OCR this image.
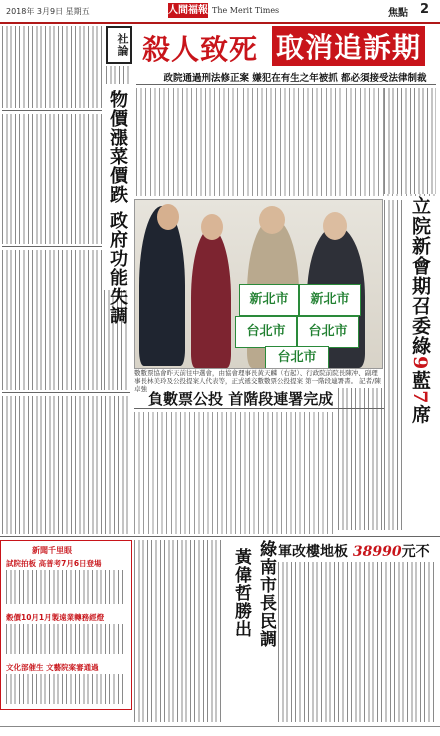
2018年 3月9日 星期五	人間福報 The Merit Times	焦點 2
社論
物價漲菜價跌 政府功能失調
殺人致死 取消追訴期
政院通過刑法修正案 嫌犯在有生之年被抓 都必須接受法律制裁
新北市	新北市
台北市	台北市
台北市
數數票協會昨天前往中選會，由協會理事長黃天麟（右起）、行政院前院長陳冲、副理事長林美玲及公投提案人代表等，正式遞交數數票公投提案 第一階段連署書。 記者/陳卓強
立院新會期召委綠9藍7席
負數票公投 首階段連署完成
新聞千里眼
試院拍板 高普考7月6日登場
穀價10月1月製遠業轉務經燈
文化部催生 文藝院案審通過
黃偉哲勝出 綠南市長民調 軍改樓地板 38990元不
